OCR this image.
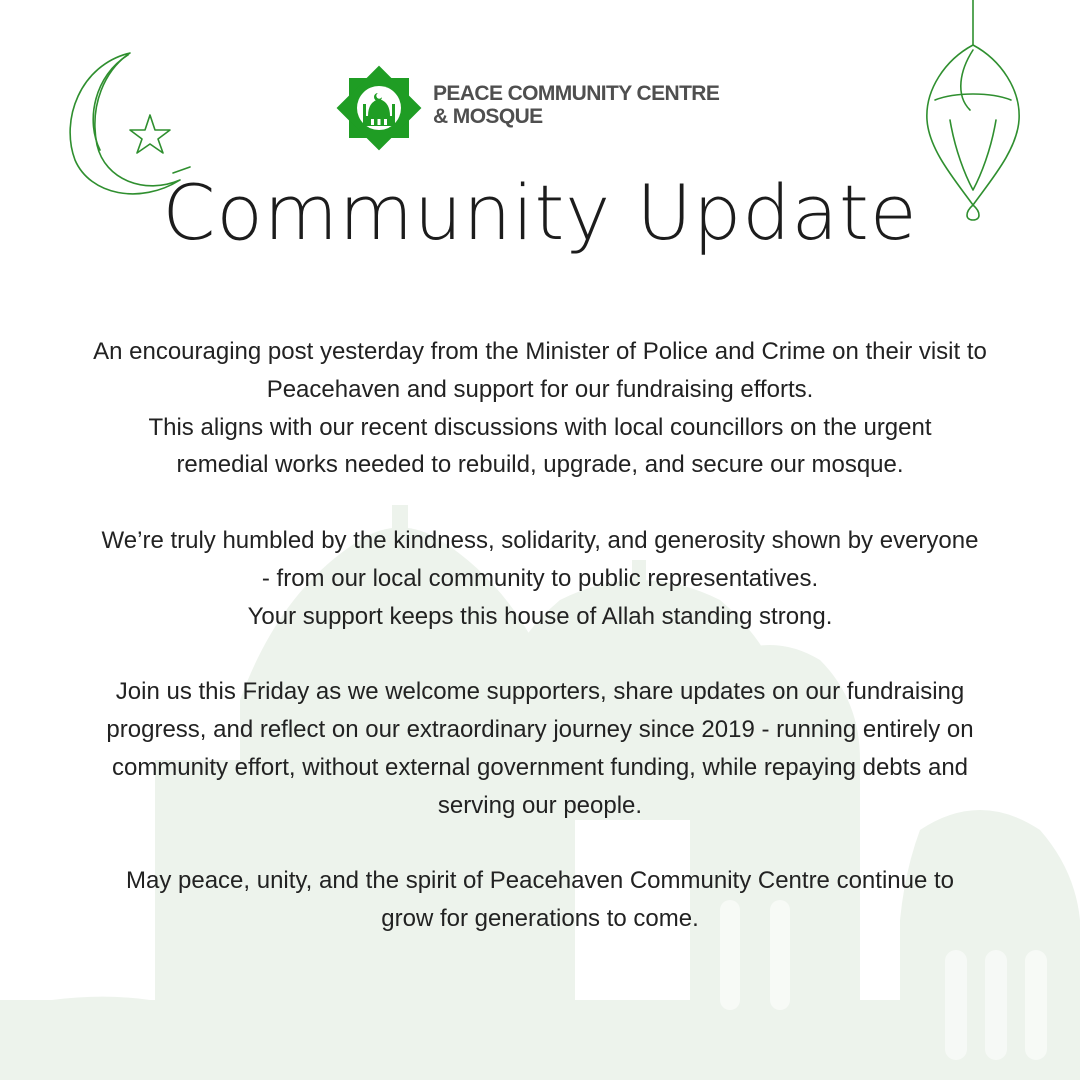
PEACE COMMUNITY CENTRE
& MOSQUE
Community Update

An encouraging post yesterday from the Minister of Police and Crime on their visit to
Peacehaven and support for our fundraising efforts.
This aligns with our recent discussions with local councillors on the urgent
remedial works needed to rebuild, upgrade, and secure our mosque.

We’re truly humbled by the kindness, solidarity, and generosity shown by everyone
- from our local community to public representatives.
Your support keeps this house of Allah standing strong.

Join us this Friday as we welcome supporters, share updates on our fundraising
progress, and reflect on our extraordinary journey since 2019 - running entirely on
community effort, without external government funding, while repaying debts and
serving our people.

May peace, unity, and the spirit of Peacehaven Community Centre continue to
grow for generations to come.
